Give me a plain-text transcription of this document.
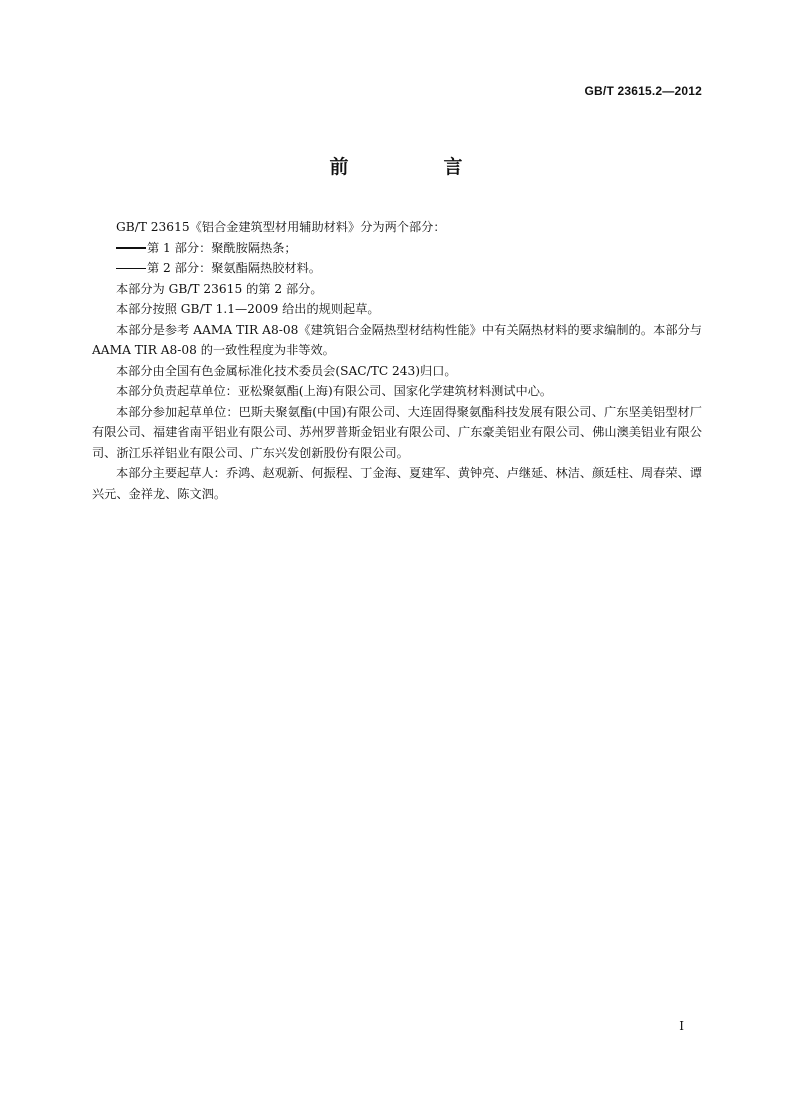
GB/T 23615.2—2012
前　言

GB/T 23615《铝合金建筑型材用辅助材料》分为两个部分：

第 1 部分：聚酰胺隔热条；

第 2 部分：聚氨酯隔热胶材料。

本部分为 GB/T 23615 的第 2 部分。

本部分按照 GB/T 1.1—2009 给出的规则起草。

本部分是参考 AAMA TIR A8-08《建筑铝合金隔热型材结构性能》中有关隔热材料的要求编制的。本部分与 AAMA TIR A8-08 的一致性程度为非等效。

本部分由全国有色金属标准化技术委员会(SAC/TC 243)归口。

本部分负责起草单位：亚松聚氨酯(上海)有限公司、国家化学建筑材料测试中心。

本部分参加起草单位：巴斯夫聚氨酯(中国)有限公司、大连固得聚氨酯科技发展有限公司、广东坚美铝型材厂有限公司、福建省南平铝业有限公司、苏州罗普斯金铝业有限公司、广东豪美铝业有限公司、佛山澳美铝业有限公司、浙江乐祥铝业有限公司、广东兴发创新股份有限公司。

本部分主要起草人：乔鸿、赵观新、何振程、丁金海、夏建军、黄钟亮、卢继延、林洁、颜廷柱、周春荣、谭兴元、金祥龙、陈文泗。

I
